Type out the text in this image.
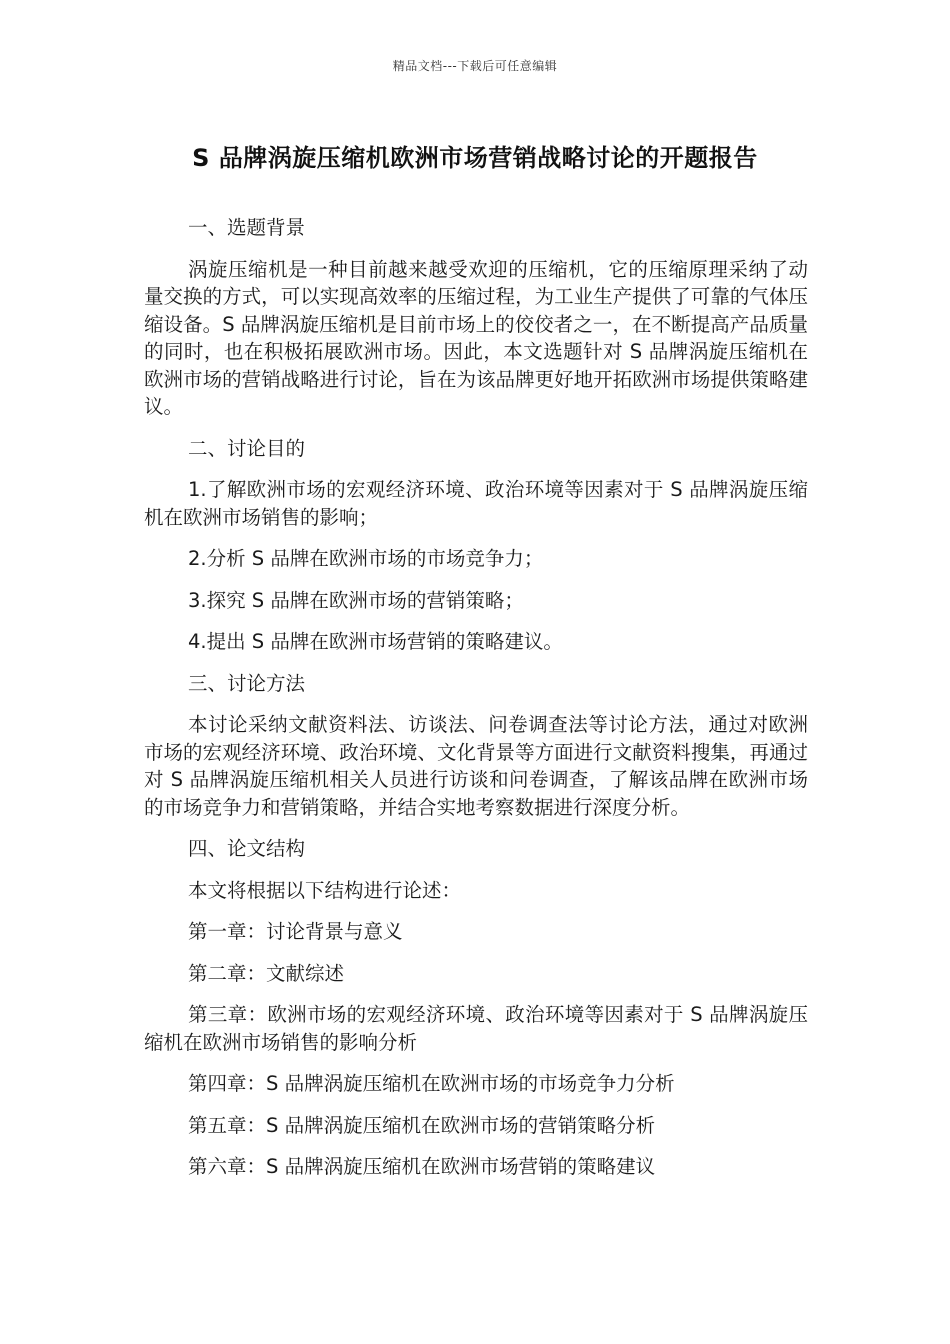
精品文档---下载后可任意编辑
S 品牌涡旋压缩机欧洲市场营销战略讨论的开题报告

一、选题背景

涡旋压缩机是一种目前越来越受欢迎的压缩机，它的压缩原理采纳了动量交换的方式，可以实现高效率的压缩过程，为工业生产提供了可靠的气体压缩设备。S 品牌涡旋压缩机是目前市场上的佼佼者之一，在不断提高产品质量的同时，也在积极拓展欧洲市场。因此，本文选题针对 S 品牌涡旋压缩机在欧洲市场的营销战略进行讨论，旨在为该品牌更好地开拓欧洲市场提供策略建议。

二、讨论目的

1.了解欧洲市场的宏观经济环境、政治环境等因素对于 S 品牌涡旋压缩机在欧洲市场销售的影响；

2.分析 S 品牌在欧洲市场的市场竞争力；

3.探究 S 品牌在欧洲市场的营销策略；

4.提出 S 品牌在欧洲市场营销的策略建议。

三、讨论方法

本讨论采纳文献资料法、访谈法、问卷调查法等讨论方法，通过对欧洲市场的宏观经济环境、政治环境、文化背景等方面进行文献资料搜集，再通过对 S 品牌涡旋压缩机相关人员进行访谈和问卷调查，了解该品牌在欧洲市场的市场竞争力和营销策略，并结合实地考察数据进行深度分析。

四、论文结构

本文将根据以下结构进行论述：

第一章：讨论背景与意义

第二章：文献综述

第三章：欧洲市场的宏观经济环境、政治环境等因素对于 S 品牌涡旋压缩机在欧洲市场销售的影响分析

第四章：S 品牌涡旋压缩机在欧洲市场的市场竞争力分析

第五章：S 品牌涡旋压缩机在欧洲市场的营销策略分析

第六章：S 品牌涡旋压缩机在欧洲市场营销的策略建议
